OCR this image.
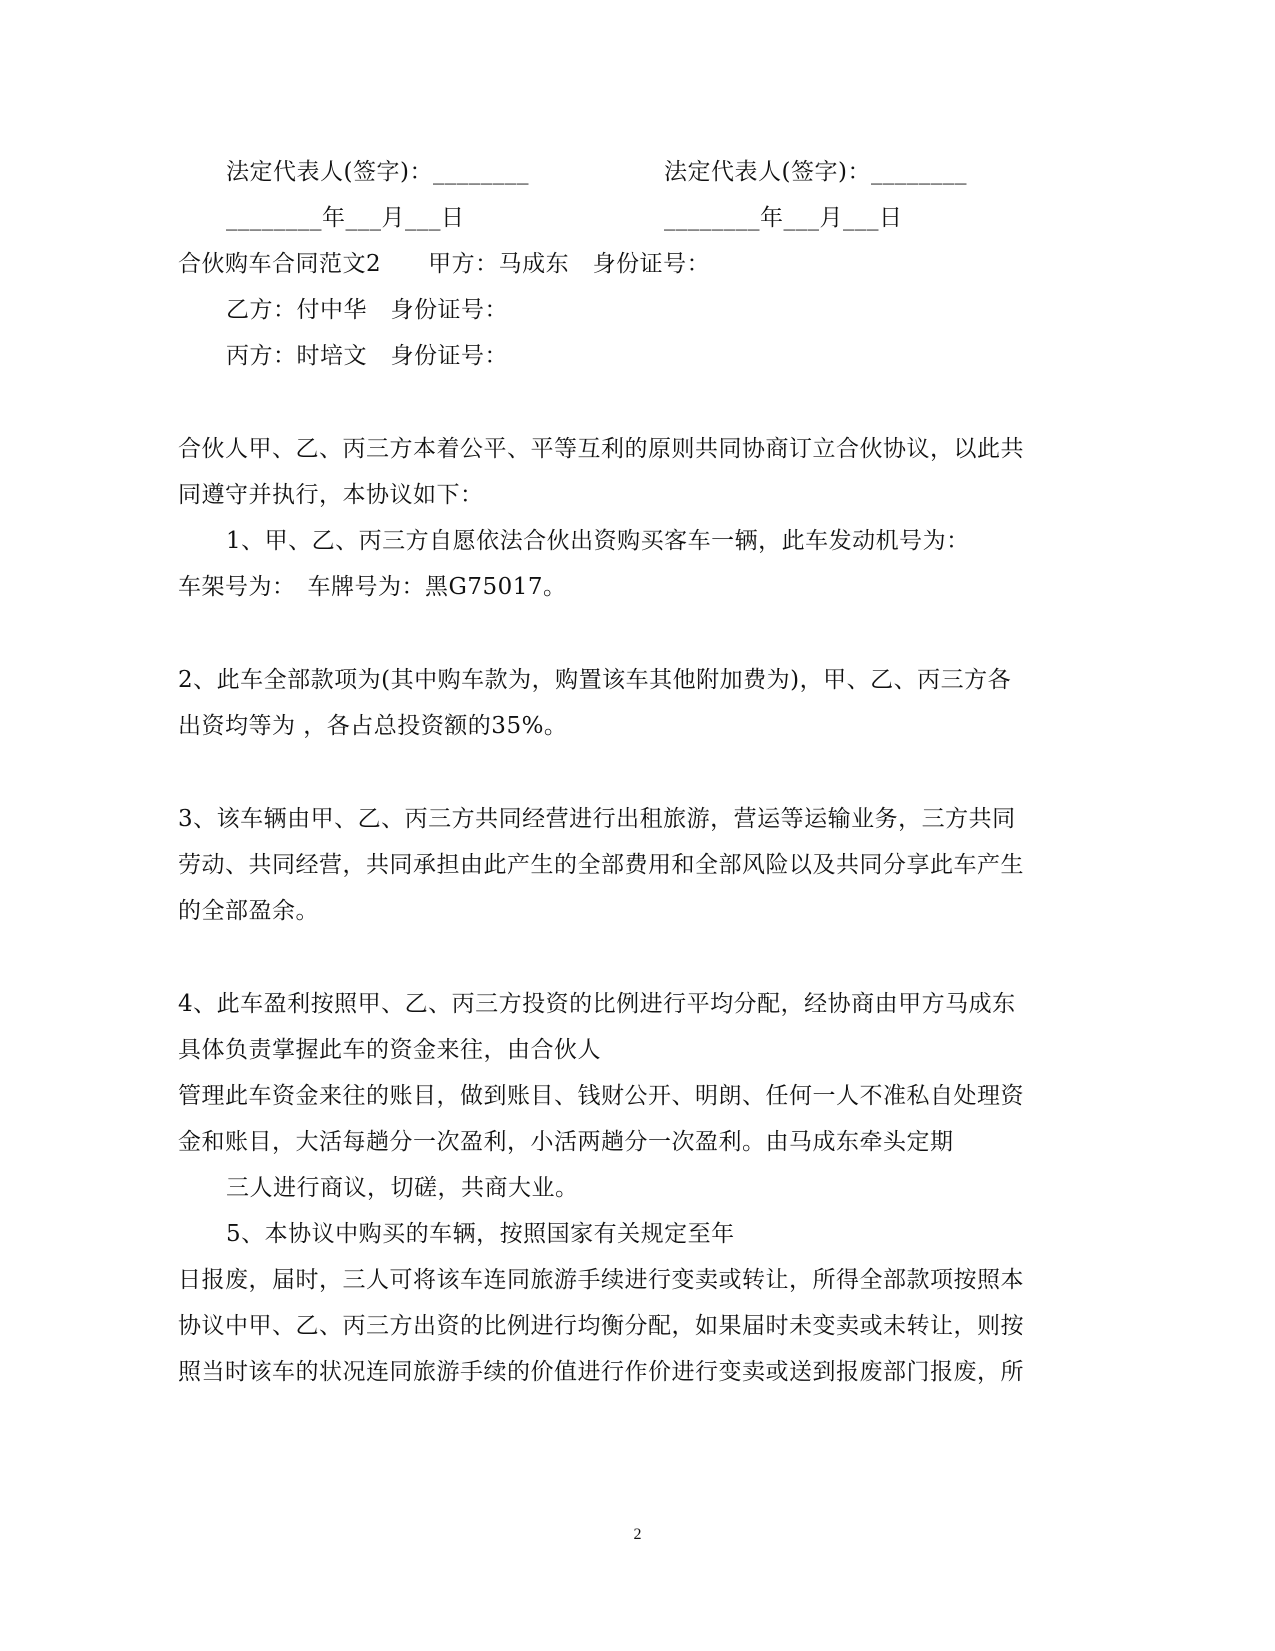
法定代表人(签字)：________	法定代表人(签字)：________
________年___月___日	________年___月___日
合伙购车合同范文2　　甲方：马成东　身份证号：
乙方：付中华　身份证号：
丙方：时培文　身份证号：
合伙人甲、乙、丙三方本着公平、平等互利的原则共同协商订立合伙协议，以此共
同遵守并执行，本协议如下：
1、甲、乙、丙三方自愿依法合伙出资购买客车一辆，此车发动机号为：
车架号为：　车牌号为：黑G75017。
2、此车全部款项为(其中购车款为，购置该车其他附加费为)，甲、乙、丙三方各
出资均等为 ，各占总投资额的35%。
3、该车辆由甲、乙、丙三方共同经营进行出租旅游，营运等运输业务，三方共同
劳动、共同经营，共同承担由此产生的全部费用和全部风险以及共同分享此车产生
的全部盈余。
4、此车盈利按照甲、乙、丙三方投资的比例进行平均分配，经协商由甲方马成东
具体负责掌握此车的资金来往，由合伙人
管理此车资金来往的账目，做到账目、钱财公开、明朗、任何一人不准私自处理资
金和账目，大活每趟分一次盈利，小活两趟分一次盈利。由马成东牵头定期
三人进行商议，切磋，共商大业。
5、本协议中购买的车辆，按照国家有关规定至年
日报废，届时，三人可将该车连同旅游手续进行变卖或转让，所得全部款项按照本
协议中甲、乙、丙三方出资的比例进行均衡分配，如果届时未变卖或未转让，则按
照当时该车的状况连同旅游手续的价值进行作价进行变卖或送到报废部门报废，所
2
